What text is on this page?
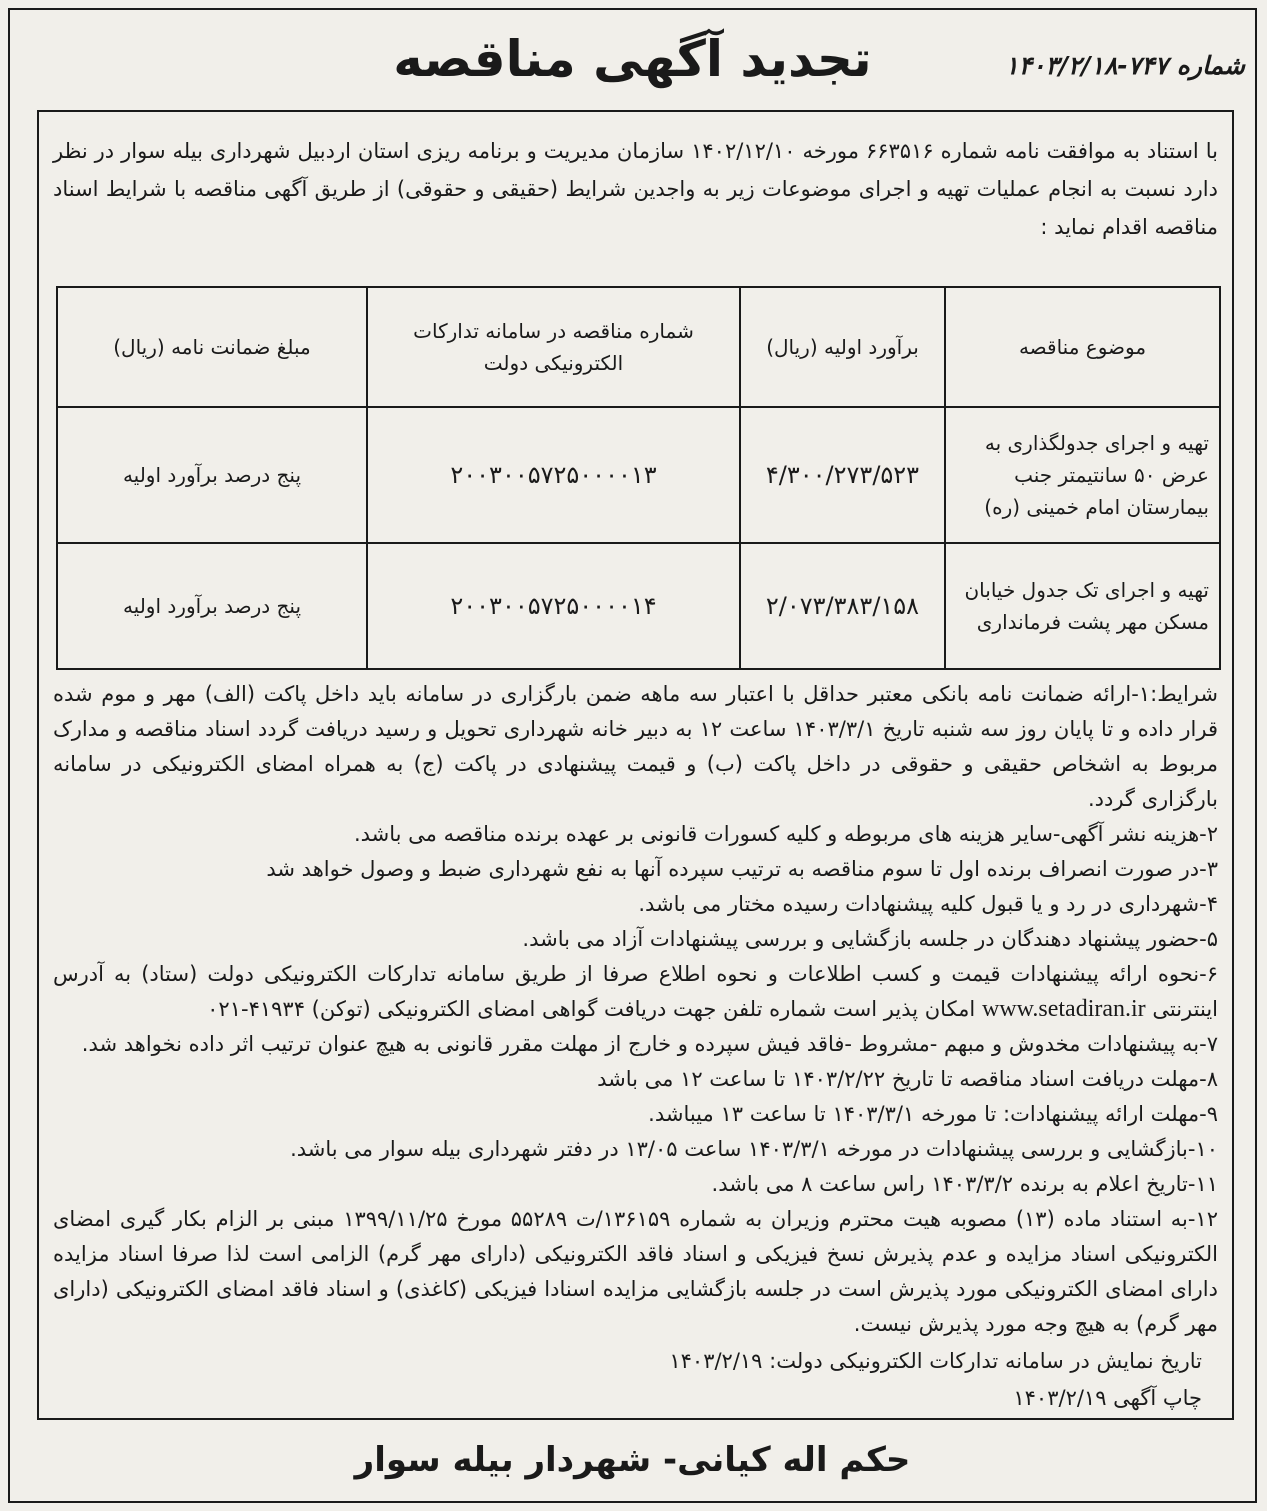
تجدید آگهی مناقصه	شماره ۷۴۷-۱۴۰۳/۲/۱۸
با استناد به موافقت نامه شماره ۶۶۳۵۱۶ مورخه ۱۴۰۲/۱۲/۱۰ سازمان مدیریت و برنامه ریزی استان اردبیل شهرداری بیله سوار در نظر دارد نسبت به انجام عملیات تهیه و اجرای موضوعات زیر به واجدین شرایط (حقیقی و حقوقی) از طریق آگهی مناقصه با شرایط اسناد مناقصه اقدام نماید :
موضوع مناقصه	برآورد اولیه (ریال)	شماره مناقصه در سامانه تدارکات الکترونیکی دولت	مبلغ ضمانت نامه (ریال)
تهیه و اجرای جدولگذاری به عرض ۵۰ سانتیمتر جنب بیمارستان امام خمینی (ره)	۴/۳۰۰/۲۷۳/۵۲۳	۲۰۰۳۰۰۵۷۲۵۰۰۰۰۱۳	پنج درصد برآورد اولیه
تهیه و اجرای تک جدول خیابان مسکن مهر پشت فرمانداری	۲/۰۷۳/۳۸۳/۱۵۸	۲۰۰۳۰۰۵۷۲۵۰۰۰۰۱۴	پنج درصد برآورد اولیه

شرایط:۱-ارائه ضمانت نامه بانکی معتبر حداقل با اعتبار سه ماهه ضمن بارگزاری در سامانه باید داخل پاکت (الف) مهر و موم شده قرار داده و تا پایان روز سه شنبه تاریخ ۱۴۰۳/۳/۱ ساعت ۱۲ به دبیر خانه شهرداری تحویل و رسید دریافت گردد اسناد مناقصه و مدارک مربوط به اشخاص حقیقی و حقوقی در داخل پاکت (ب) و قیمت پیشنهادی در پاکت (ج) به همراه امضای الکترونیکی در سامانه بارگزاری گردد.

۲-هزینه نشر آگهی-سایر هزینه های مربوطه و کلیه کسورات قانونی بر عهده برنده مناقصه می باشد.

۳-در صورت انصراف برنده اول تا سوم مناقصه به ترتیب سپرده آنها به نفع شهرداری ضبط و وصول خواهد شد

۴-شهرداری در رد و یا قبول کلیه پیشنهادات رسیده مختار می باشد.

۵-حضور پیشنهاد دهندگان در جلسه بازگشایی و بررسی پیشنهادات آزاد می باشد.

۶-نحوه ارائه پیشنهادات قیمت و کسب اطلاعات و نحوه اطلاع صرفا از طریق سامانه تدارکات الکترونیکی دولت (ستاد) به آدرس اینترنتی www.setadiran.ir امکان پذیر است شماره تلفن جهت دریافت گواهی امضای الکترونیکی (توکن) ۴۱۹۳۴-۰۲۱

۷-به پیشنهادات مخدوش و مبهم -مشروط -فاقد فیش سپرده و خارج از مهلت مقرر قانونی به هیچ عنوان ترتیب اثر داده نخواهد شد.

۸-مهلت دریافت اسناد مناقصه تا تاریخ ۱۴۰۳/۲/۲۲ تا ساعت ۱۲ می باشد

۹-مهلت ارائه پیشنهادات: تا مورخه ۱۴۰۳/۳/۱ تا ساعت ۱۳ میباشد.

۱۰-بازگشایی و بررسی پیشنهادات در مورخه ۱۴۰۳/۳/۱ ساعت ۱۳/۰۵ در دفتر شهرداری بیله سوار می باشد.

۱۱-تاریخ اعلام به برنده ۱۴۰۳/۳/۲ راس ساعت ۸ می باشد.

۱۲-به استناد ماده (۱۳) مصوبه هیت محترم وزیران به شماره ۱۳۶۱۵۹/ت ۵۵۲۸۹ مورخ ۱۳۹۹/۱۱/۲۵ مبنی بر الزام بکار گیری امضای الکترونیکی اسناد مزایده و عدم پذیرش نسخ فیزیکی و اسناد فاقد الکترونیکی (دارای مهر گرم) الزامی است لذا صرفا اسناد مزایده دارای امضای الکترونیکی مورد پذیرش است در جلسه بازگشایی مزایده اسنادا فیزیکی (کاغذی) و اسناد فاقد امضای الکترونیکی (دارای مهر گرم) به هیچ وجه مورد پذیرش نیست.

تاریخ نمایش در سامانه تدارکات الکترونیکی دولت: ۱۴۰۳/۲/۱۹

چاپ آگهی ۱۴۰۳/۲/۱۹

حکم اله کیانی- شهردار بیله سوار
